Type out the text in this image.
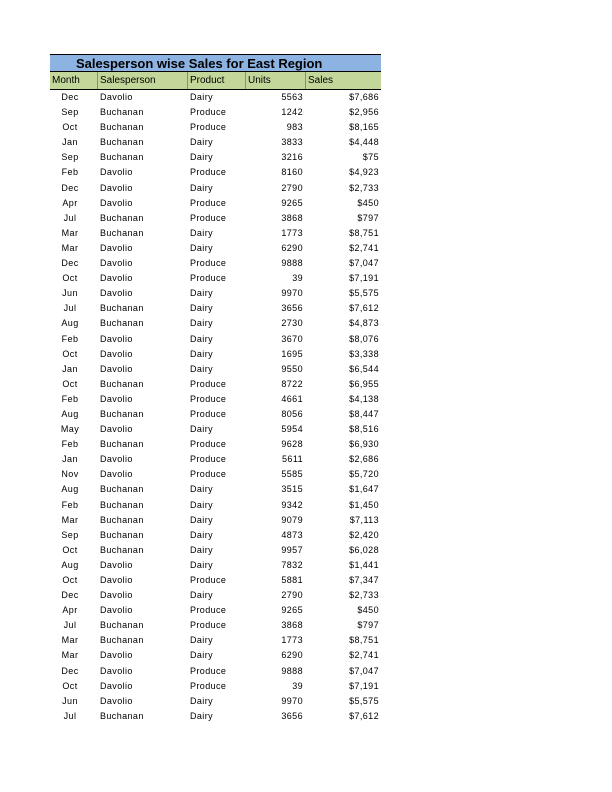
Salesperson wise Sales for East Region
Month	Salesperson	Product	Units	Sales
Dec	Davolio	Dairy	5563	$7,686
Sep	Buchanan	Produce	1242	$2,956
Oct	Buchanan	Produce	983	$8,165
Jan	Buchanan	Dairy	3833	$4,448
Sep	Buchanan	Dairy	3216	$75
Feb	Davolio	Produce	8160	$4,923
Dec	Davolio	Dairy	2790	$2,733
Apr	Davolio	Produce	9265	$450
Jul	Buchanan	Produce	3868	$797
Mar	Buchanan	Dairy	1773	$8,751
Mar	Davolio	Dairy	6290	$2,741
Dec	Davolio	Produce	9888	$7,047
Oct	Davolio	Produce	39	$7,191
Jun	Davolio	Dairy	9970	$5,575
Jul	Buchanan	Dairy	3656	$7,612
Aug	Buchanan	Dairy	2730	$4,873
Feb	Davolio	Dairy	3670	$8,076
Oct	Davolio	Dairy	1695	$3,338
Jan	Davolio	Dairy	9550	$6,544
Oct	Buchanan	Produce	8722	$6,955
Feb	Davolio	Produce	4661	$4,138
Aug	Buchanan	Produce	8056	$8,447
May	Davolio	Dairy	5954	$8,516
Feb	Buchanan	Produce	9628	$6,930
Jan	Davolio	Produce	5611	$2,686
Nov	Davolio	Produce	5585	$5,720
Aug	Buchanan	Dairy	3515	$1,647
Feb	Buchanan	Dairy	9342	$1,450
Mar	Buchanan	Dairy	9079	$7,113
Sep	Buchanan	Dairy	4873	$2,420
Oct	Buchanan	Dairy	9957	$6,028
Aug	Davolio	Dairy	7832	$1,441
Oct	Davolio	Produce	5881	$7,347
Dec	Davolio	Dairy	2790	$2,733
Apr	Davolio	Produce	9265	$450
Jul	Buchanan	Produce	3868	$797
Mar	Buchanan	Dairy	1773	$8,751
Mar	Davolio	Dairy	6290	$2,741
Dec	Davolio	Produce	9888	$7,047
Oct	Davolio	Produce	39	$7,191
Jun	Davolio	Dairy	9970	$5,575
Jul	Buchanan	Dairy	3656	$7,612
